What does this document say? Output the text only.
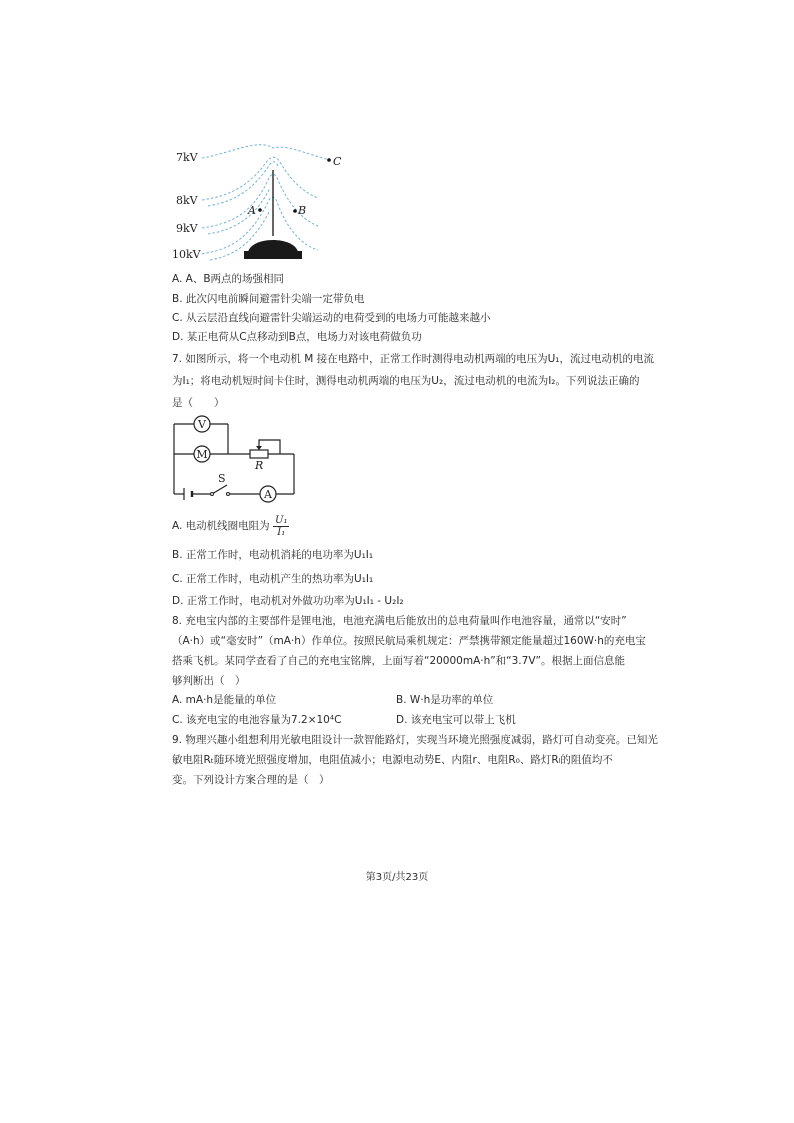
A	B
C
7kV
8kV
9kV
10kV
A. A、B两点的场强相同
B. 此次闪电前瞬间避雷针尖端一定带负电
C. 从云层沿直线向避雷针尖端运动的电荷受到的电场力可能越来越小
D. 某正电荷从C点移动到B点，电场力对该电荷做负功
7. 如图所示，将一个电动机 M 接在电路中，正常工作时测得电动机两端的电压为U₁，流过电动机的电流
为I₁；将电动机短时间卡住时，测得电动机两端的电压为U₂，流过电动机的电流为I₂。下列说法正确的
是（　　）
V
M
A
R
S
A. 电动机线圈电阻为 $\frac{\text{U₁}}{\text{I₁}}$
B. 正常工作时，电动机消耗的电功率为U₁I₁
C. 正常工作时，电动机产生的热功率为U₁I₁
D. 正常工作时，电动机对外做功功率为U₁I₁ - U₂I₂
8. 充电宝内部的主要部件是锂电池，电池充满电后能放出的总电荷量叫作电池容量，通常以“安时”
（A·h）或“毫安时”（mA·h）作单位。按照民航局乘机规定：严禁携带额定能量超过160W·h的充电宝
搭乘飞机。某同学查看了自己的充电宝铭牌，上面写着“20000mA·h”和“3.7V”。根据上面信息能
够判断出（　）
A. mA·h是能量的单位	B. W·h是功率的单位
C. 该充电宝的电池容量为7.2×10⁴C	D. 该充电宝可以带上飞机
9. 物理兴趣小组想利用光敏电阻设计一款智能路灯，实现当环境光照强度减弱，路灯可自动变亮。已知光
敏电阻Rₜ随环境光照强度增加，电阻值减小；电源电动势E、内阻r、电阻R₀、路灯Rₗ的阻值均不
变。下列设计方案合理的是（　）
第3页/共23页
